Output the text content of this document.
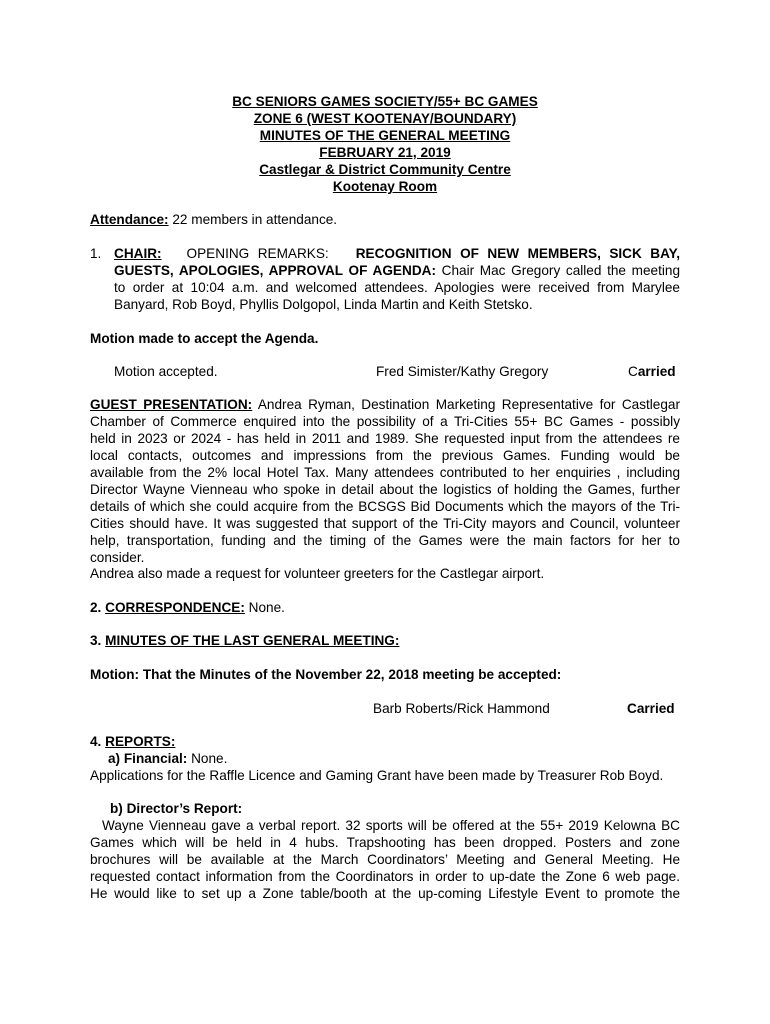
BC SENIORS GAMES SOCIETY/55+ BC GAMES
ZONE 6 (WEST KOOTENAY/BOUNDARY)
MINUTES OF THE GENERAL MEETING
FEBRUARY 21, 2019
Castlegar & District Community Centre
Kootenay Room
Attendance: 22 members in attendance.
1. CHAIR: OPENING REMARKS: RECOGNITION OF NEW MEMBERS, SICK BAY,
GUESTS, APOLOGIES, APPROVAL OF AGENDA: Chair Mac Gregory called the meeting
to order at 10:04 a.m. and welcomed attendees. Apologies were received from Marylee
Banyard, Rob Boyd, Phyllis Dolgopol, Linda Martin and Keith Stetsko.
Motion made to accept the Agenda.
Motion accepted.	Fred Simister/Kathy Gregory	Carried
GUEST PRESENTATION: Andrea Ryman, Destination Marketing Representative for Castlegar
Chamber of Commerce enquired into the possibility of a Tri-Cities 55+ BC Games - possibly
held in 2023 or 2024 - has held in 2011 and 1989. She requested input from the attendees re
local contacts, outcomes and impressions from the previous Games. Funding would be
available from the 2% local Hotel Tax. Many attendees contributed to her enquiries , including
Director Wayne Vienneau who spoke in detail about the logistics of holding the Games, further
details of which she could acquire from the BCSGS Bid Documents which the mayors of the Tri-
Cities should have. It was suggested that support of the Tri-City mayors and Council, volunteer
help, transportation, funding and the timing of the Games were the main factors for her to
consider.
Andrea also made a request for volunteer greeters for the Castlegar airport.
2. CORRESPONDENCE: None.
3. MINUTES OF THE LAST GENERAL MEETING:
Motion: That the Minutes of the November 22, 2018 meeting be accepted:
Barb Roberts/Rick Hammond	Carried
4. REPORTS:
a) Financial: None.
Applications for the Raffle Licence and Gaming Grant have been made by Treasurer Rob Boyd.
b) Director’s Report:
Wayne Vienneau gave a verbal report. 32 sports will be offered at the 55+ 2019 Kelowna BC
Games which will be held in 4 hubs. Trapshooting has been dropped. Posters and zone
brochures will be available at the March Coordinators’ Meeting and General Meeting. He
requested contact information from the Coordinators in order to up-date the Zone 6 web page.
He would like to set up a Zone table/booth at the up-coming Lifestyle Event to promote the
